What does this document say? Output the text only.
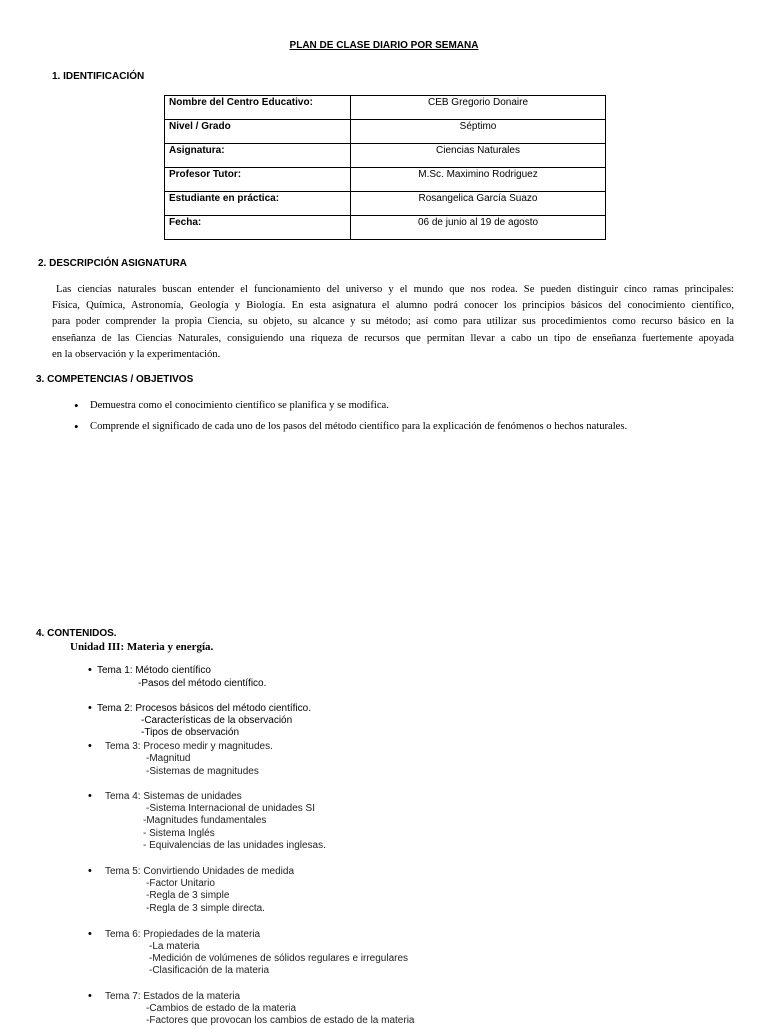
PLAN DE CLASE DIARIO POR SEMANA
1. IDENTIFICACIÓN
Nombre del Centro Educativo:	CEB Gregorio Donaire
Nivel / Grado	Séptimo
Asignatura:	Ciencias Naturales
Profesor Tutor:	M.Sc. Maximino Rodriguez
Estudiante en práctica:	Rosangelica García Suazo
Fecha:	06 de junio al 19 de agosto
2. DESCRIPCIÓN ASIGNATURA
Las ciencias naturales buscan entender el funcionamiento del universo y el mundo que nos rodea. Se pueden distinguir cinco ramas principales:
Física, Química, Astronomía, Geología y Biología. En esta asignatura el alumno podrá conocer los principios básicos del conocimiento científico,
para poder comprender la propia Ciencia, su objeto, su alcance y su método; así como para utilizar sus procedimientos como recurso básico en la
enseñanza de las Ciencias Naturales, consiguiendo una riqueza de recursos que permitan llevar a cabo un tipo de enseñanza fuertemente apoyada
en la observación y la experimentación.
3. COMPETENCIAS / OBJETIVOS
• Demuestra como el conocimiento científico se planifica y se modifica.
• Comprende el significado de cada uno de los pasos del método científico para la explicación de fenómenos o hechos naturales.
4. CONTENIDOS.
Unidad III: Materia y energía.
• Tema 1: Método científico
-Pasos del método científico.
• Tema 2: Procesos básicos del método científico.
-Características de la observación
-Tipos de observación
• Tema 3: Proceso medir y magnitudes.
-Magnitud
-Sistemas de magnitudes
• Tema 4: Sistemas de unidades
-Sistema Internacional de unidades SI
-Magnitudes fundamentales
- Sistema Inglés
- Equivalencias de las unidades inglesas.
• Tema 5: Convirtiendo Unidades de medida
-Factor Unitario
-Regla de 3 simple
-Regla de 3 simple directa.
• Tema 6: Propiedades de la materia
-La materia
-Medición de volúmenes de sólidos regulares e irregulares
-Clasificación de la materia
• Tema 7: Estados de la materia
-Cambios de estado de la materia
-Factores que provocan los cambios de estado de la materia
